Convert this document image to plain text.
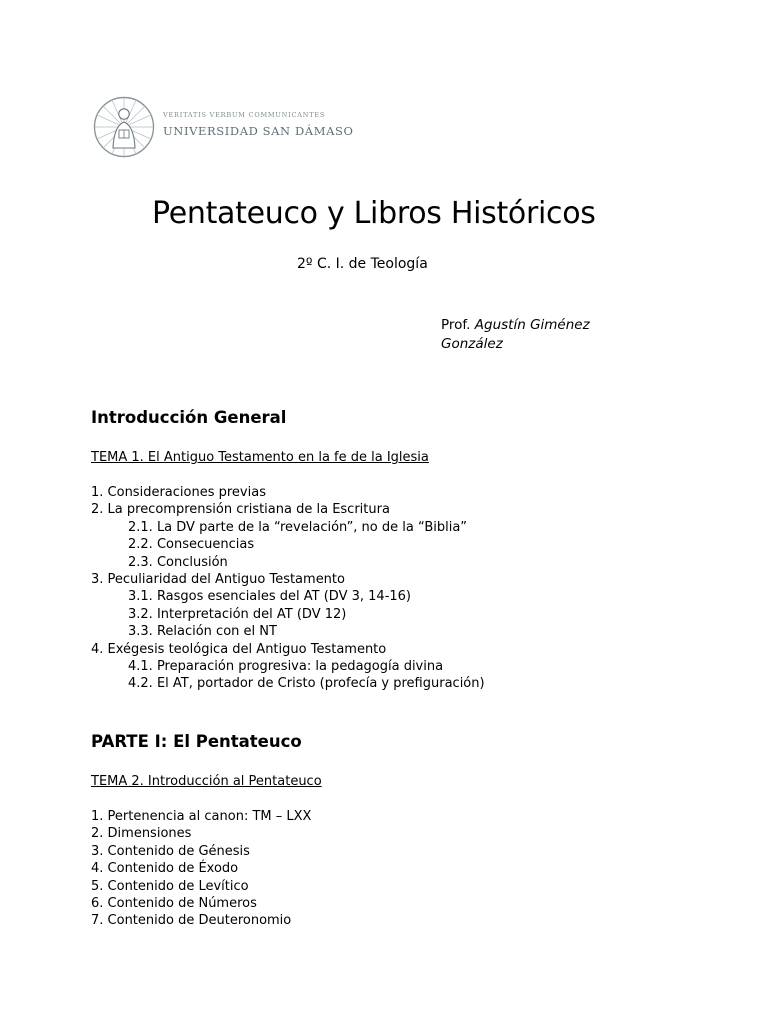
VERITATIS VERBUM COMMUNICANTES
UNIVERSIDAD SAN DÁMASO
Pentateuco y Libros Históricos
2º C. I. de Teología
Prof. Agustín Giménez González
Introducción General
TEMA 1. El Antiguo Testamento en la fe de la Iglesia
1. Consideraciones previas
2. La precomprensión cristiana de la Escritura
2.1. La DV parte de la “revelación”, no de la “Biblia”
2.2. Consecuencias
2.3. Conclusión
3. Peculiaridad del Antiguo Testamento
3.1. Rasgos esenciales del AT (DV 3, 14-16)
3.2. Interpretación del AT (DV 12)
3.3. Relación con el NT
4. Exégesis teológica del Antiguo Testamento
4.1. Preparación progresiva: la pedagogía divina
4.2. El AT, portador de Cristo (profecía y prefiguración)
PARTE I: El Pentateuco
TEMA 2. Introducción al Pentateuco
1. Pertenencia al canon: TM – LXX
2. Dimensiones
3. Contenido de Génesis
4. Contenido de Éxodo
5. Contenido de Levítico
6. Contenido de Números
7. Contenido de Deuteronomio
